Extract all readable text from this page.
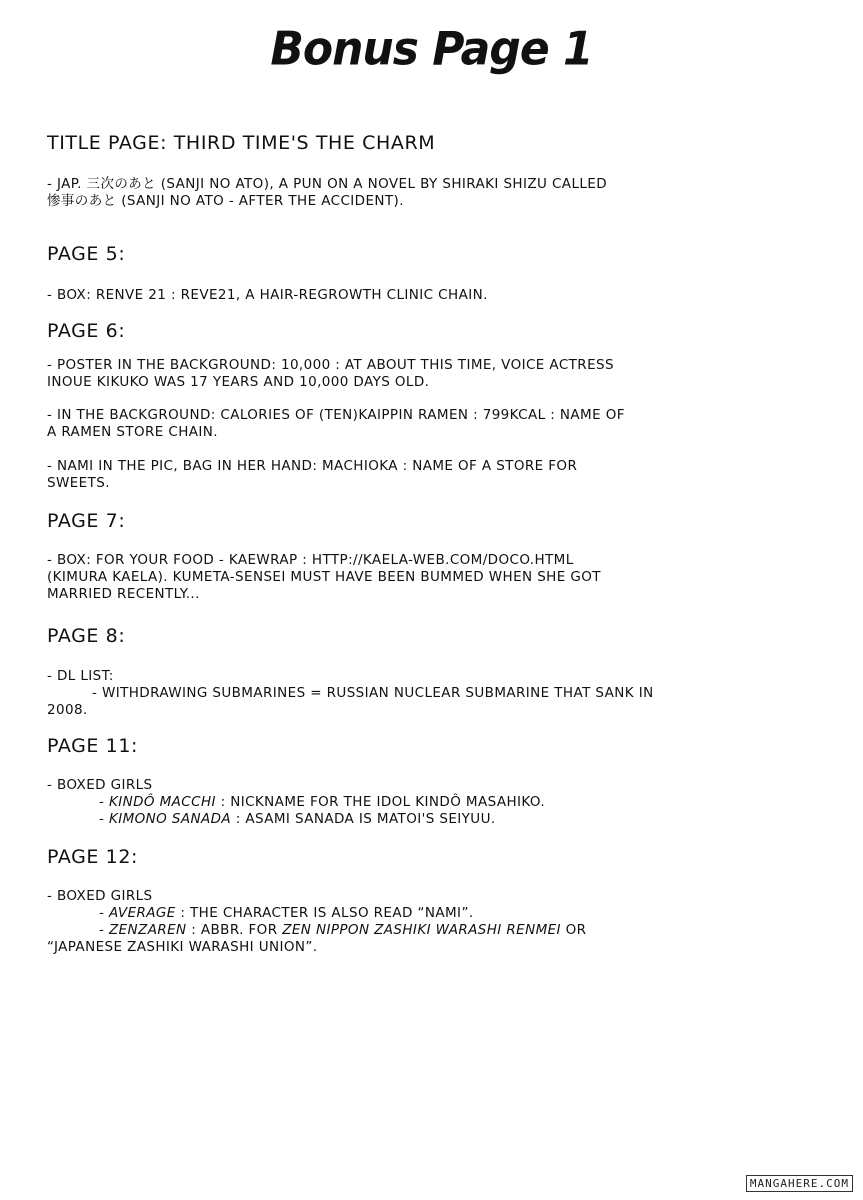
Bonus Page 1
TITLE PAGE: THIRD TIME'S THE CHARM
- JAP. 三次のあと (SANJI NO ATO), A PUN ON A NOVEL BY SHIRAKI SHIZU CALLED
惨事のあと (SANJI NO ATO - AFTER THE ACCIDENT).
PAGE 5:
- BOX: RENVE 21 : REVE21, A HAIR-REGROWTH CLINIC CHAIN.
PAGE 6:
- POSTER IN THE BACKGROUND: 10,000 : AT ABOUT THIS TIME, VOICE ACTRESS
INOUE KIKUKO WAS 17 YEARS AND 10,000 DAYS OLD.
- IN THE BACKGROUND: CALORIES OF (TEN)KAIPPIN RAMEN : 799KCAL : NAME OF
A RAMEN STORE CHAIN.
- NAMI IN THE PIC, BAG IN HER HAND: MACHIOKA : NAME OF A STORE FOR
SWEETS.
PAGE 7:
- BOX: FOR YOUR FOOD - KAEWRAP : HTTP://KAELA-WEB.COM/DOCO.HTML
(KIMURA KAELA). KUMETA-SENSEI MUST HAVE BEEN BUMMED WHEN SHE GOT
MARRIED RECENTLY...
PAGE 8:
- DL LIST:
- WITHDRAWING SUBMARINES = RUSSIAN NUCLEAR SUBMARINE THAT SANK IN
2008.
PAGE 11:
- BOXED GIRLS
- KINDÔ MACCHI : NICKNAME FOR THE IDOL KINDÔ MASAHIKO.
- KIMONO SANADA : ASAMI SANADA IS MATOI'S SEIYUU.
PAGE 12:
- BOXED GIRLS
- AVERAGE : THE CHARACTER IS ALSO READ “NAMI”.
- ZENZAREN : ABBR. FOR ZEN NIPPON ZASHIKI WARASHI RENMEI OR
“JAPANESE ZASHIKI WARASHI UNION”.
MANGAHERE.COM
